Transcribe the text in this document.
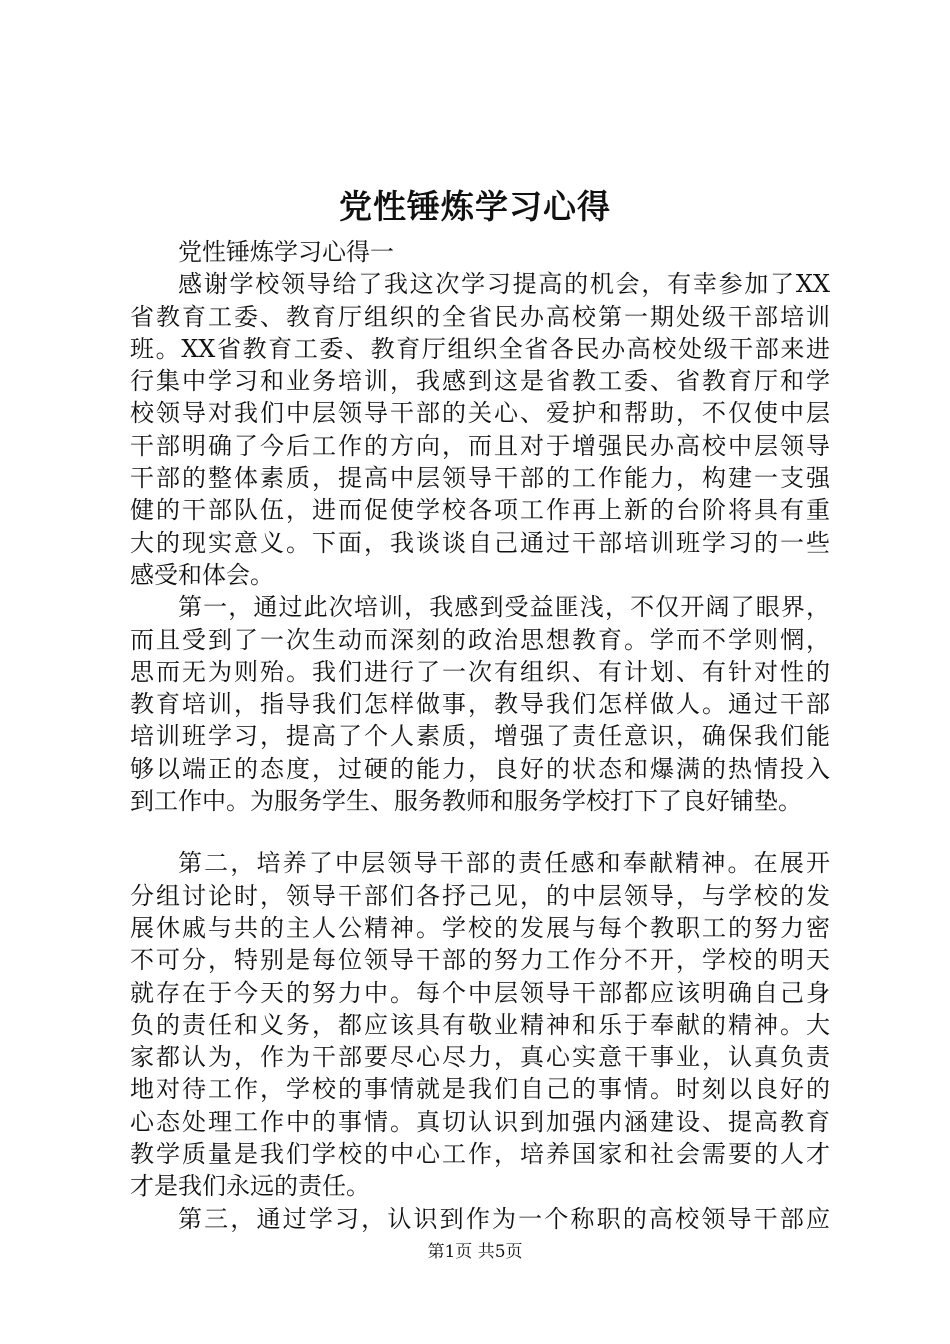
党性锤炼学习心得
党性锤炼学习心得一
感谢学校领导给了我这次学习提高的机会，有幸参加了XX
省教育工委、教育厅组织的全省民办高校第一期处级干部培训
班。XX省教育工委、教育厅组织全省各民办高校处级干部来进
行集中学习和业务培训，我感到这是省教工委、省教育厅和学
校领导对我们中层领导干部的关心、爱护和帮助，不仅使中层
干部明确了今后工作的方向，而且对于增强民办高校中层领导
干部的整体素质，提高中层领导干部的工作能力，构建一支强
健的干部队伍，进而促使学校各项工作再上新的台阶将具有重
大的现实意义。下面，我谈谈自己通过干部培训班学习的一些
感受和体会。
第一，通过此次培训，我感到受益匪浅，不仅开阔了眼界，
而且受到了一次生动而深刻的政治思想教育。学而不学则惘，
思而无为则殆。我们进行了一次有组织、有计划、有针对性的
教育培训，指导我们怎样做事，教导我们怎样做人。通过干部
培训班学习，提高了个人素质，增强了责任意识，确保我们能
够以端正的态度，过硬的能力，良好的状态和爆满的热情投入
到工作中。为服务学生、服务教师和服务学校打下了良好铺垫。
第二，培养了中层领导干部的责任感和奉献精神。在展开
分组讨论时，领导干部们各抒己见，的中层领导，与学校的发
展休戚与共的主人公精神。学校的发展与每个教职工的努力密
不可分，特别是每位领导干部的努力工作分不开，学校的明天
就存在于今天的努力中。每个中层领导干部都应该明确自己身
负的责任和义务，都应该具有敬业精神和乐于奉献的精神。大
家都认为，作为干部要尽心尽力，真心实意干事业，认真负责
地对待工作，学校的事情就是我们自己的事情。时刻以良好的
心态处理工作中的事情。真切认识到加强内涵建设、提高教育
教学质量是我们学校的中心工作，培养国家和社会需要的人才
才是我们永远的责任。
第三，通过学习，认识到作为一个称职的高校领导干部应
第1页 共5页
